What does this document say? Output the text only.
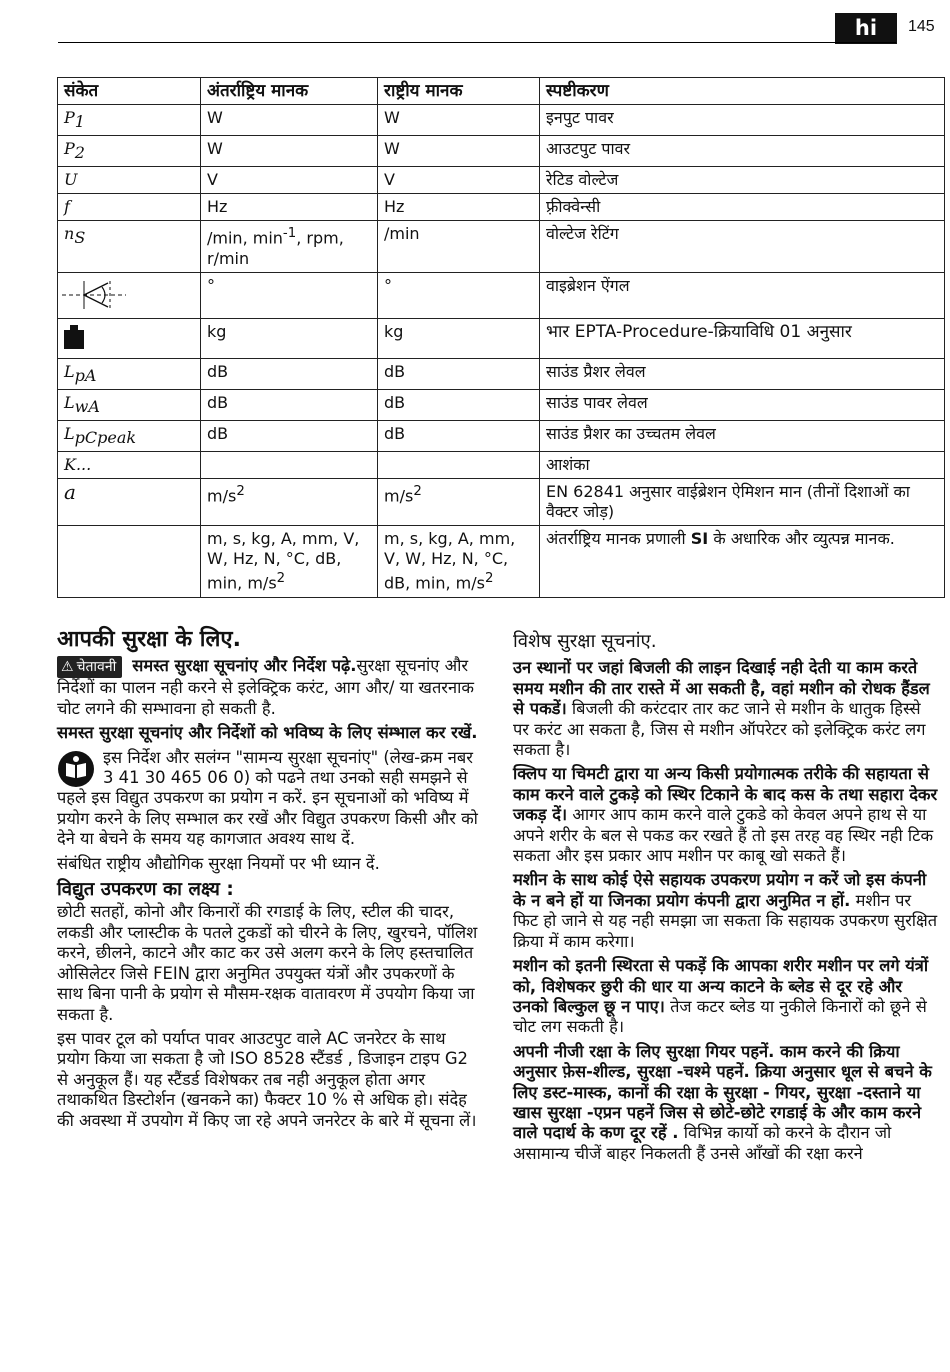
hi	145
संकेत	अंतर्राष्ट्रिय मानक	राष्ट्रीय मानक	स्पष्टीकरण
$P_1$	W	W	इनपुट पावर
$P_2$	W	W	आउटपुट पावर
U	V	V	रेटिड वोल्टेज
f	Hz	Hz	फ़्रीक्वेन्सी
$n_S$	/min, $\min^{-1}$, rpm, r/min	/min	वोल्टेज रेटिंग
	°	°	वाइब्रेशन ऐंगल
	kg	kg	भार EPTA-Procedure-क्रियाविधि 01 अनुसार
$L_{pA}$	dB	dB	साउंड प्रैशर लेवल
$L_{wA}$	dB	dB	साउंड पावर लेवल
$L_{pCpeak}$	dB	dB	साउंड प्रैशर का उच्चतम लेवल
K...			आशंका
a	$m/s^2$	$m/s^2$	EN 62841 अनुसार वाईब्रेशन ऐमिशन मान (तीनों दिशाओं का वैक्टर जोड़)
	m, s, kg, A, mm, V, W, Hz, N, °C, dB, min, $m/s^2$	m, s, kg, A, mm, V, W, Hz, N, °C, dB, min, $m/s^2$	अंतर्राष्ट्रिय मानक प्रणाली SI के अधारिक और व्युत्पन्न मानक.
आपकी सुरक्षा के लिए.

⚠ चेतावनी समस्त सुरक्षा सूचनांए और निर्देश पढ़े.सुरक्षा सूचनांए और निर्देशों का पालन नही करने से इलेक्ट्रिक करंट, आग और/ या खतरनाक चोट लगने की सम्भावना हो सकती है.

समस्त सुरक्षा सूचनांए और निर्देशों को भविष्य के लिए संम्भाल कर रखें.

इस निर्देश और सलंग्न "सामन्य सुरक्षा सूचनांए" (लेख-क्रम नबर 3 41 30 465 06 0) को पढने तथा उनको सही समझने से पहले इस विद्युत उपकरण का प्रयोग न करें. इन सूचनाओं को भविष्य में प्रयोग करने के लिए सम्भाल कर रखें और विद्युत उपकरण किसी और को देने या बेचने के समय यह कागजात अवश्य साथ दें.

संबंधित राष्ट्रीय औद्योगिक सुरक्षा नियमों पर भी ध्यान दें.

विद्युत उपकरण का लक्ष्य :

छोटी सतहों, कोनो और किनारों की रगडाई के लिए, स्टील की चादर, लकडी और प्लास्टीक के पतले टुकडों को चीरने के लिए, खुरचने, पॉलिश करने, छीलने, काटने और काट कर उसे अलग करने के लिए हस्तचालित ओसिलेटर जिसे FEIN द्वारा अनुमित उपयुक्त यंत्रों और उपकरणों के साथ बिना पानी के प्रयोग से मौसम-रक्षक वातावरण में उपयोग किया जा सकता है.

इस पावर टूल को पर्याप्त पावर आउटपुट वाले AC जनरेटर के साथ प्रयोग किया जा सकता है जो ISO 8528 स्टैंडर्ड , डिजाइन टाइप G2 से अनुकूल हैं। यह स्टैंडर्ड विशेषकर तब नही अनुकूल होता अगर तथाकथित डिस्टोर्शन (खनकने का) फैक्टर 10 % से अधिक हो। संदेह की अवस्था में उपयोग में किए जा रहे अपने जनरेटर के बारे में सूचना लें।

विशेष सुरक्षा सूचनांए.

उन स्थानों पर जहां बिजली की लाइन दिखाई नही देती या काम करते समय मशीन की तार रास्ते में आ सकती है, वहां मशीन को रोधक हैंडल से पकडें। बिजली की करंटदार तार कट जाने से मशीन के धातुक हिस्से पर करंट आ सकता है, जिस से मशीन ऑपरेटर को इलेक्ट्रिक करंट लग सकता है।

क्लिप या चिमटी द्वारा या अन्य किसी प्रयोगात्मक तरीके की सहायता से काम करने वाले टुकड़े को स्थिर टिकाने के बाद कस के तथा सहारा देकर जकड़ दें। आगर आप काम करने वाले टुकडे को केवल अपने हाथ से या अपने शरीर के बल से पकड कर रखते हैं तो इस तरह वह स्थिर नही टिक सकता और इस प्रकार आप मशीन पर काबू खो सकते हैं।

मशीन के साथ कोई ऐसे सहायक उपकरण प्रयोग न करें जो इस कंपनी के न बने हों या जिनका प्रयोग कंपनी द्वारा अनुमित न हों. मशीन पर फिट हो जाने से यह नही समझा जा सकता कि सहायक उपकरण सुरक्षित क्रिया में काम करेगा।

मशीन को इतनी स्थिरता से पकड़ें कि आपका शरीर मशीन पर लगे यंत्रों को, विशेषकर छुरी की धार या अन्य काटने के ब्लेड से दूर रहे और उनको बिल्कुल छू न पाए। तेज कटर ब्लेड या नुकीले किनारों को छूने से चोट लग सकती है।

अपनी नीजी रक्षा के लिए सुरक्षा गियर पहनें. काम करने की क्रिया अनुसार फ़ेस-शील्ड, सुरक्षा -चश्मे पहनें. क्रिया अनुसार धूल से बचने के लिए डस्ट-मास्क, कानों की रक्षा के सुरक्षा - गियर, सुरक्षा -दस्ताने या खास सुरक्षा -एप्रन पहनें जिस से छोटे-छोटे रगडाई के और काम करने वाले पदार्थ के कण दूर रहें . विभिन्न कार्यो को करने के दौरान जो असामान्य चीजें बाहर निकलती हैं उनसे आँखों की रक्षा करने
